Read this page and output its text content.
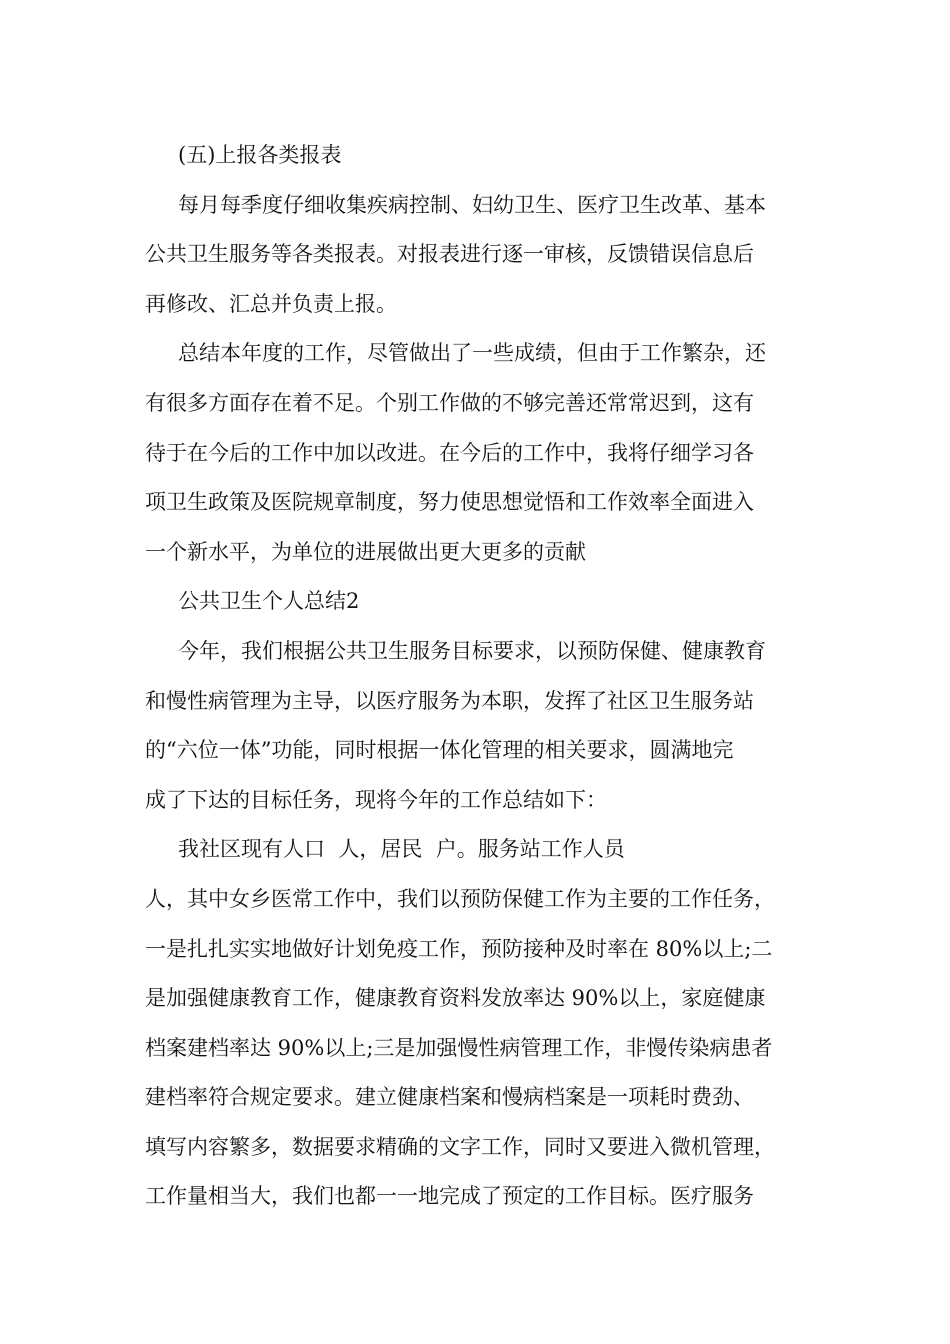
(五)上报各类报表
每月每季度仔细收集疾病控制、妇幼卫生、医疗卫生改革、基本
公共卫生服务等各类报表。对报表进行逐一审核，反馈错误信息后
再修改、汇总并负责上报。
总结本年度的工作，尽管做出了一些成绩，但由于工作繁杂，还
有很多方面存在着不足。个别工作做的不够完善还常常迟到，这有
待于在今后的工作中加以改进。在今后的工作中，我将仔细学习各
项卫生政策及医院规章制度，努力使思想觉悟和工作效率全面进入
一个新水平，为单位的进展做出更大更多的贡献
公共卫生个人总结2
今年，我们根据公共卫生服务目标要求，以预防保健、健康教育
和慢性病管理为主导，以医疗服务为本职，发挥了社区卫生服务站
的“六位一体”功能，同时根据一体化管理的相关要求，圆满地完
成了下达的目标任务，现将今年的工作总结如下：
我社区现有人口  人，居民  户。服务站工作人员
人，其中女乡医常工作中，我们以预防保健工作为主要的工作任务，
一是扎扎实实地做好计划免疫工作，预防接种及时率在 80%以上;二
是加强健康教育工作，健康教育资料发放率达 90%以上，家庭健康
档案建档率达 90%以上;三是加强慢性病管理工作，非慢传染病患者
建档率符合规定要求。建立健康档案和慢病档案是一项耗时费劲、
填写内容繁多，数据要求精确的文字工作，同时又要进入微机管理，
工作量相当大，我们也都一一地完成了预定的工作目标。医疗服务
